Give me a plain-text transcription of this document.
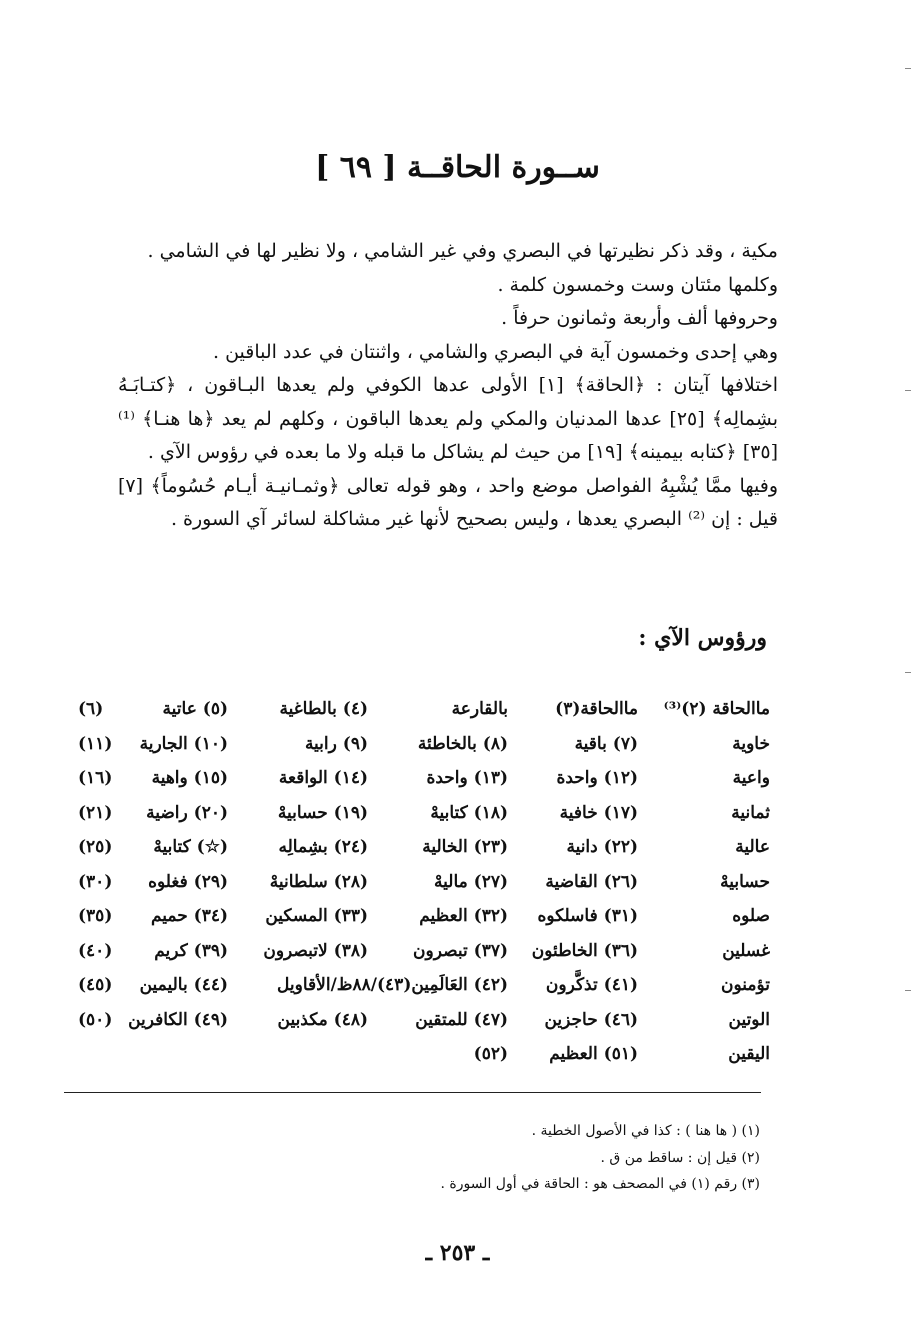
ســورة الحاقــة [ ٦٩ ]

مكية ، وقد ذكر نظيرتها في البصري وفي غير الشامي ، ولا نظير لها في الشامي .

وكلمها مئتان وست وخمسون كلمة .

وحروفها ألف وأربعة وثمانون حرفاً .

وهي إحدى وخمسون آية في البصري والشامي ، واثنتان في عدد الباقين .

اختلافها آيتان : ﴿الحاقة﴾ [١] الأولى عدها الكوفي ولم يعدها البـاقون ، ﴿كتـابَـهُ بشِمالِه﴾ [٢٥] عدها المدنيان والمكي ولم يعدها الباقون ، وكلهم لم يعد ﴿ها هنـا﴾ ⁽¹⁾ [٣٥] ﴿كتابه بيمينه﴾ [١٩] من حيث لم يشاكل ما قبله ولا ما بعده في رؤوس الآي .

وفيها ممَّا يُشْبِهُ الفواصل موضع واحد ، وهو قوله تعالى ﴿وثمـانيـة أيـام حُسُوماً﴾ [٧] قيل : إن ⁽²⁾ البصري يعدها ، وليس بصحيح لأنها غير مشاكلة لسائر آي السورة .

ورؤوس الآي :
ماالحاقة (٢)⁽³⁾
ماالحاقة(٣)
بالقارعة
(٤) بالطاغية
(٥) عاتية
(٦)
خاوية
(٧) باقية
(٨) بالخاطئة
(٩) رابية
(١٠) الجارية
(١١)
واعية
(١٢) واحدة
(١٣) واحدة
(١٤) الواقعة
(١٥) واهية
(١٦)
ثمانية
(١٧) خافية
(١٨) كتابيهْ
(١٩) حسابيهْ
(٢٠) راضية
(٢١)
عالية
(٢٢) دانية
(٢٣) الخالية
(٢٤) بشِمالِه
(☆) كتابيهْ
(٢٥)
حسابيهْ
(٢٦) القاضية
(٢٧) ماليهْ
(٢٨) سلطانيهْ
(٢٩) فغلوه
(٣٠)
صلوه
(٣١) فاسلكوه
(٣٢) العظيم
(٣٣) المسكين
(٣٤) حميم
(٣٥)
غسلين
(٣٦) الخاطئون
(٣٧) تبصرون
(٣٨) لاتبصرون
(٣٩) كريم
(٤٠)
تؤمنون
(٤١) تذكَّرون
(٤٢) العَالَمِين(٤٣)/٨٨ظ/الأقاويل
(٤٤) باليمين
(٤٥)
الوتين
(٤٦) حاجزين
(٤٧) للمتقين
(٤٨) مكذبين
(٤٩) الكافرين
(٥٠)
اليقين
(٥١) العظيم
(٥٢)

(١) ( ها هنا ) : كذا في الأصول الخطية .

(٢) قيل إن : ساقط من ق .

(٣) رقم (١) في المصحف هو : الحاقة في أول السورة .

ـ ٢٥٣ ـ
